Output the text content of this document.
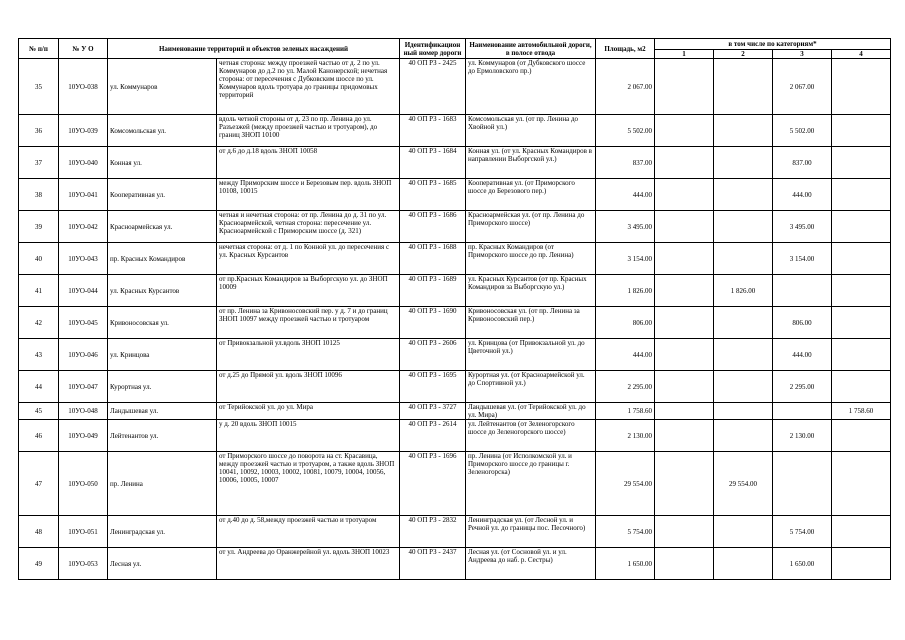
№ п/п	№ У О	Наименование территорий и объектов зеленых насаждений		Идентификацион ный номер дороги	Наименование автомобильной дороги, в полосе отвода	Площадь, м2	в том числе по категориям*			
							1	2	3	4
35	10УО-038	ул. Коммунаров	четная сторона: между проезжей частью от д. 2 по ул. Коммунаров до д.2 по ул. Малой Канонерской; нечетная сторона: от пересечения с Дубковским шоссе по ул. Коммунаров вдоль тротуара до границы придомовых территорий	40 ОП РЗ - 2425	ул. Коммунаров (от Дубковского шоссе до Ермоловского пр.)	2 067.00			2 067.00	
36	10УО-039	Комсомольская ул.	вдоль четной стороны от д. 23 по пр. Ленина до ул. Разъезжей (между проезжей частью и тротуаром), до границ ЗНОП 10100	40 ОП РЗ - 1683	Комсомольская ул. (от пр. Ленина до Хвойной ул.)	5 502.00			5 502.00	
37	10УО-040	Конная ул.	от д.6 до д.18 вдоль ЗНОП 10058	40 ОП РЗ - 1684	Конная ул. (от ул. Красных Командиров в направлении Выборгской ул.)	837.00			837.00	
38	10УО-041	Кооперативная ул.	между Приморским шоссе и Березовым пер. вдоль ЗНОП 10108, 10015	40 ОП РЗ - 1685	Кооперативная ул. (от Приморского шоссе до Березового пер.)	444.00			444.00	
39	10УО-042	Красноармейская ул.	четная и нечетная сторона: от пр. Ленина до д. 31 по ул. Красноармейской, четная сторона: пересечение ул. Красноармейской с Приморским шоссе (д. 321)	40 ОП РЗ - 1686	Красноармейская ул. (от пр. Ленина до Приморского шоссе)	3 495.00			3 495.00	
40	10УО-043	пр. Красных Командиров	нечетная сторона: от д. 1 по Конной ул. до пересечения с ул. Красных Курсантов	40 ОП РЗ - 1688	пр. Красных Командиров (от Приморского шоссе до пр. Ленина)	3 154.00			3 154.00	
41	10УО-044	ул. Красных Курсантов	от пр.Красных Командиров за Выборгскую ул. до ЗНОП 10009	40 ОП РЗ - 1689	ул. Красных Курсантов (от пр. Красных Командиров за Выборгскую ул.)	1 826.00		1 826.00		
42	10УО-045	Кривоносовская ул.	от пр. Ленина за Кривоносовский пер. у д. 7 и до границ ЗНОП 10097 между проезжей частью и тротуаром	40 ОП РЗ - 1690	Кривоносовская ул. (от пр. Ленина за Кривоносовский пер.)	806.00			806.00	
43	10УО-046	ул. Кринцова	от Привокзальной ул.вдоль ЗНОП 10125	40 ОП РЗ - 2606	ул. Кринцова (от Привокзальной ул. до Цветочной ул.)	444.00			444.00	
44	10УО-047	Курортная ул.	от д.25 до Прямой ул. вдоль ЗНОП 10096	40 ОП РЗ - 1695	Курортная ул. (от Красноармейской ул. до Спортивной ул.)	2 295.00			2 295.00	
45	10УО-048	Ландышевая ул.	от Терийокской ул. до ул. Мира	40 ОП РЗ - 3727	Ландышевая ул. (от Терийокской ул. до ул. Мира)	1 758.60				1 758.60
46	10УО-049	Лейтенантов ул.	у д. 20 вдоль ЗНОП 10015	40 ОП РЗ - 2614	ул. Лейтенантов (от Зеленогорского шоссе до Зеленогорского шоссе)	2 130.00			2 130.00	
47	10УО-050	пр. Ленина	от Приморского шоссе до поворота на ст. Красавица, между проезжей частью и тротуаром, а также вдоль ЗНОП 10041, 10092, 10003, 10002, 10081, 10079, 10004, 10056, 10006, 10005, 10007	40 ОП РЗ - 1696	пр. Ленина (от Исполкомской ул. и Приморского шоссе до границы г. Зеленогорска)	29 554.00		29 554.00		
48	10УО-051	Ленинградская ул.	от д.40 до д. 58,между проезжей частью и тротуаром	40 ОП РЗ - 2832	Ленинградская ул. (от Лесной ул. и Речной ул. до границы пос. Песочного)	5 754.00			5 754.00	
49	10УО-053	Лесная ул.	от ул. Андреева до Оранжерейной ул. вдоль ЗНОП 10023	40 ОП РЗ - 2437	Лесная ул. (от Сосновой ул. и ул. Андреева до наб. р. Сестры)	1 650.00			1 650.00	
